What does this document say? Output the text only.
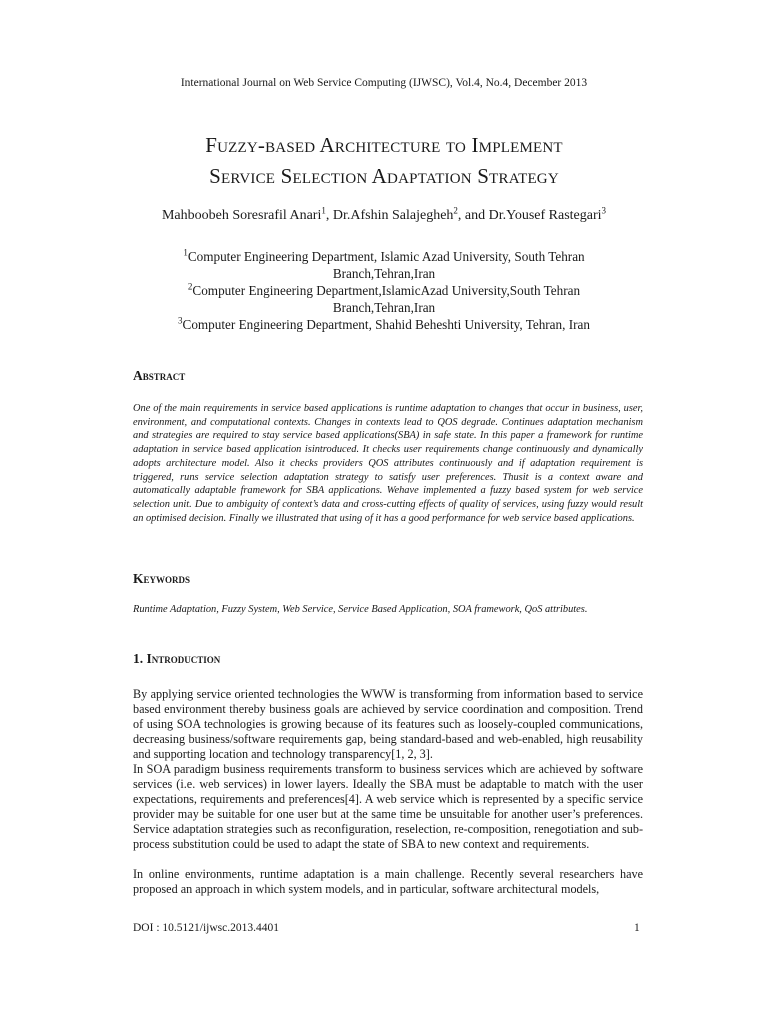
International Journal on Web Service Computing (IJWSC), Vol.4, No.4, December 2013
Fuzzy-based Architecture to Implement
Service Selection Adaptation Strategy
Mahboobeh Soresrafil Anari$^1$, Dr.Afshin Salajegheh$^2$, and Dr.Yousef Rastegari$^3$
$^1$Computer Engineering Department, Islamic Azad University, South Tehran
Branch,Tehran,Iran
$^2$Computer Engineering Department,IslamicAzad University,South Tehran
Branch,Tehran,Iran
$^3$Computer Engineering Department, Shahid Beheshti University, Tehran, Iran
Abstract
One of the main requirements in service based applications is runtime adaptation to changes that occur in business, user, environment, and computational contexts. Changes in contexts lead to QOS degrade. Continues adaptation mechanism and strategies are required to stay service based applications(SBA) in safe state. In this paper a framework for runtime adaptation in service based application isintroduced. It checks user requirements change continuously and dynamically adopts architecture model. Also it checks providers QOS attributes continuously and if adaptation requirement is triggered, runs service selection adaptation strategy to satisfy user preferences. Thusit is a context aware and automatically adaptable framework for SBA applications. Wehave implemented a fuzzy based system for web service selection unit. Due to ambiguity of context’s data and cross-cutting effects of quality of services, using fuzzy would result an optimised decision. Finally we illustrated that using of it has a good performance for web service based applications.
Keywords
Runtime Adaptation, Fuzzy System, Web Service, Service Based Application, SOA framework, QoS attributes.
1. Introduction

By applying service oriented technologies the WWW is transforming from information based to service based environment thereby business goals are achieved by service coordination and composition. Trend of using SOA technologies is growing because of its features such as loosely-coupled communications, decreasing business/software requirements gap, being standard-based and web-enabled, high reusability and supporting location and technology transparency[1, 2, 3].

In SOA paradigm business requirements transform to business services which are achieved by software services (i.e. web services) in lower layers. Ideally the SBA must be adaptable to match with the user expectations, requirements and preferences[4]. A web service which is represented by a specific service provider may be suitable for one user but at the same time be unsuitable for another user’s preferences. Service adaptation strategies such as reconfiguration, reselection, re-composition, renegotiation and sub-process substitution could be used to adapt the state of SBA to new context and requirements.

In online environments, runtime adaptation is a main challenge. Recently several researchers have proposed an approach in which system models, and in particular, software architectural models,

DOI : 10.5121/ijwsc.2013.4401	1
